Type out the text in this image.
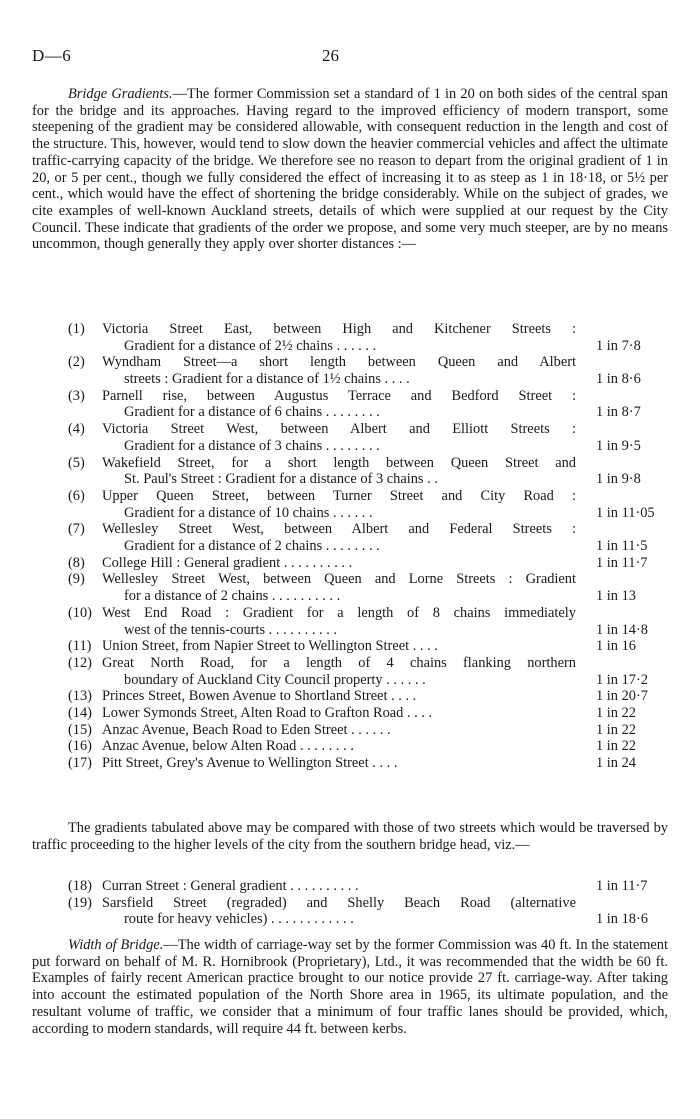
D—6	26

Bridge Gradients.—The former Commission set a standard of 1 in 20 on both sides of the central span for the bridge and its approaches. Having regard to the improved efficiency of modern transport, some steepening of the gradient may be considered allowable, with consequent reduction in the length and cost of the structure. This, however, would tend to slow down the heavier commercial vehicles and affect the ultimate traffic-carrying capacity of the bridge. We therefore see no reason to depart from the original gradient of 1 in 20, or 5 per cent., though we fully considered the effect of increasing it to as steep as 1 in 18·18, or 5½ per cent., which would have the effect of shortening the bridge considerably. While on the subject of grades, we cite examples of well-known Auckland streets, details of which were supplied at our request by the City Council. These indicate that gradients of the order we propose, and some very much steeper, are by no means uncommon, though generally they apply over shorter distances :—

(1)	Victoria Street East, between High and Kitchener Streets :
Gradient for a distance of 2½ chains . . . . . .	1 in 7·8
(2)	Wyndham Street—a short length between Queen and Albert
streets : Gradient for a distance of 1½ chains . . . .	1 in 8·6
(3)	Parnell rise, between Augustus Terrace and Bedford Street :
Gradient for a distance of 6 chains . . . . . . . .	1 in 8·7
(4)	Victoria Street West, between Albert and Elliott Streets :
Gradient for a distance of 3 chains . . . . . . . .	1 in 9·5
(5)	Wakefield Street, for a short length between Queen Street and
St. Paul's Street : Gradient for a distance of 3 chains . .	1 in 9·8
(6)	Upper Queen Street, between Turner Street and City Road :
Gradient for a distance of 10 chains . . . . . .	1 in 11·05
(7)	Wellesley Street West, between Albert and Federal Streets :
Gradient for a distance of 2 chains . . . . . . . .	1 in 11·5
(8)	College Hill : General gradient . . . . . . . . . .	1 in 11·7
(9)	Wellesley Street West, between Queen and Lorne Streets : Gradient
for a distance of 2 chains . . . . . . . . . .	1 in 13
(10) West End Road : Gradient for a length of 8 chains immediately
west of the tennis-courts . . . . . . . . . .	1 in 14·8
(11) Union Street, from Napier Street to Wellington Street . . . .	1 in 16
(12) Great North Road, for a length of 4 chains flanking northern
boundary of Auckland City Council property . . . . . .	1 in 17·2
(13) Princes Street, Bowen Avenue to Shortland Street . . . .	1 in 20·7
(14) Lower Symonds Street, Alten Road to Grafton Road . . . .	1 in 22
(15) Anzac Avenue, Beach Road to Eden Street . . . . . .	1 in 22
(16) Anzac Avenue, below Alten Road . . . . . . . .	1 in 22
(17) Pitt Street, Grey's Avenue to Wellington Street . . . .	1 in 24

The gradients tabulated above may be compared with those of two streets which would be traversed by traffic proceeding to the higher levels of the city from the southern bridge head, viz.—

(18) Curran Street : General gradient . . . . . . . . . .	1 in 11·7
(19) Sarsfield Street (regraded) and Shelly Beach Road (alternative
route for heavy vehicles) . . . . . . . . . . . .	1 in 18·6

Width of Bridge.—The width of carriage-way set by the former Commission was 40 ft. In the statement put forward on behalf of M. R. Hornibrook (Proprietary), Ltd., it was recommended that the width be 60 ft. Examples of fairly recent American practice brought to our notice provide 27 ft. carriage-way. After taking into account the estimated population of the North Shore area in 1965, its ultimate population, and the resultant volume of traffic, we consider that a minimum of four traffic lanes should be provided, which, according to modern standards, will require 44 ft. between kerbs.
